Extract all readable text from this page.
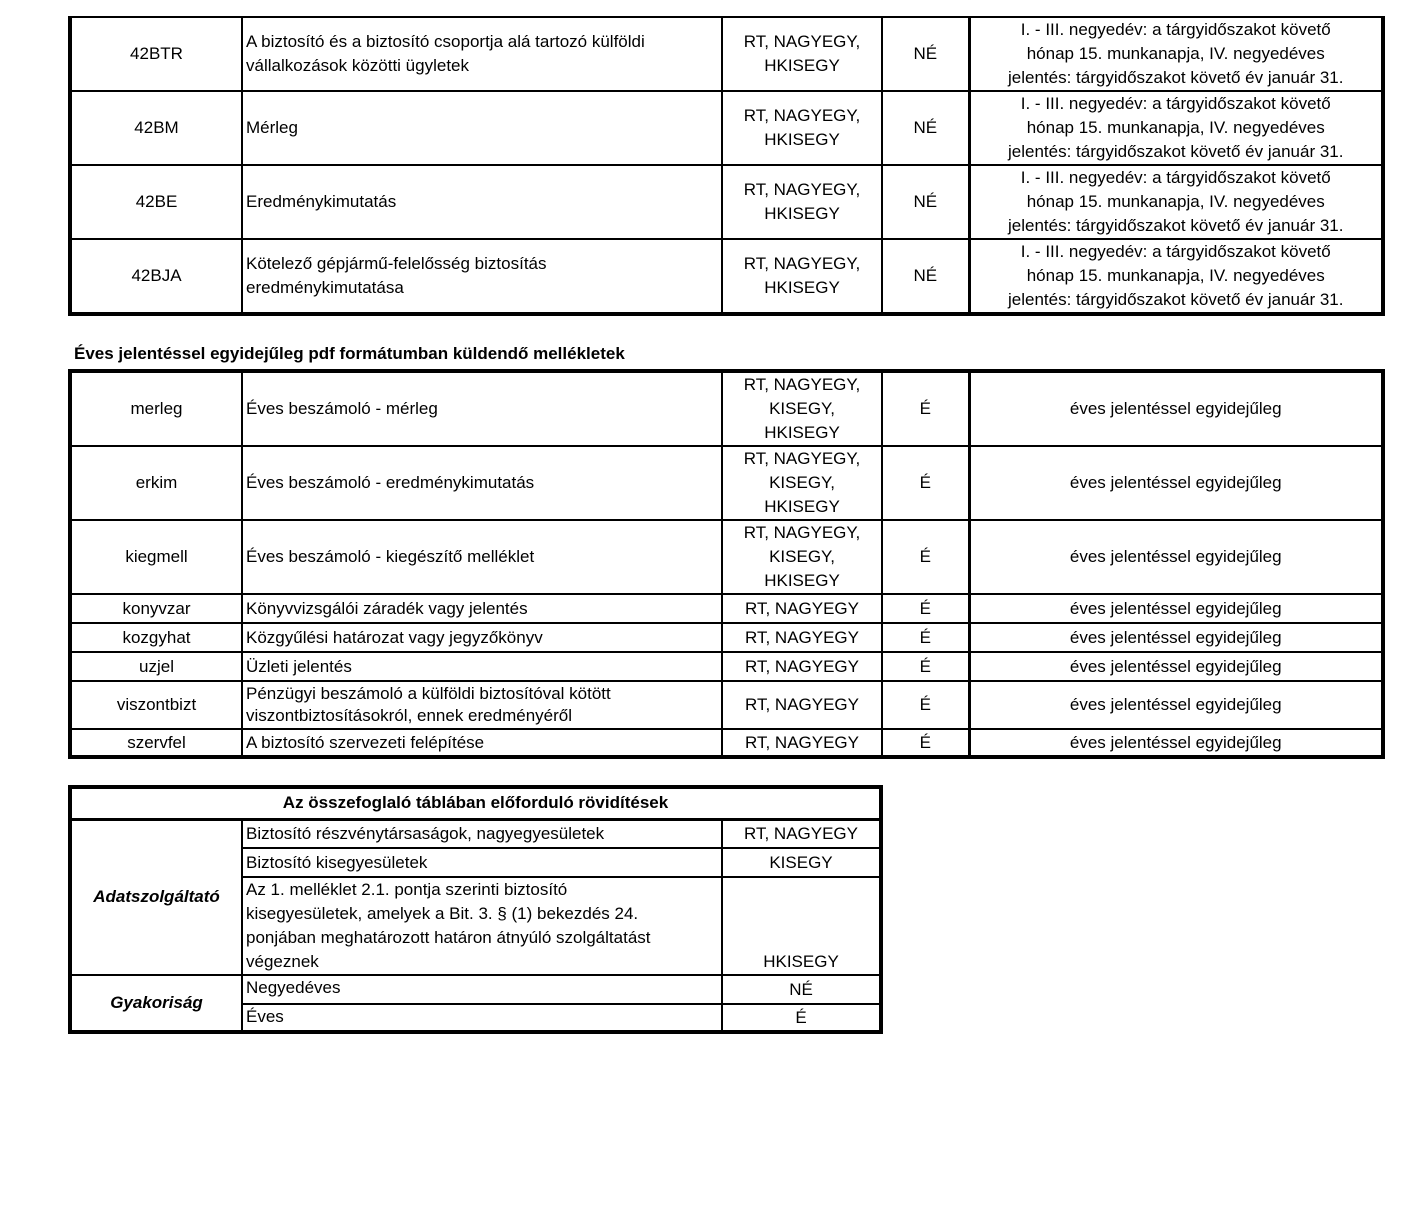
42BTR	A biztosító és a biztosító csoportja alá tartozó külföldi
vállalkozások közötti ügyletek	RT, NAGYEGY,
HKISEGY	NÉ	I. - III. negyedév: a tárgyidőszakot követő
hónap 15. munkanapja, IV. negyedéves
jelentés: tárgyidőszakot követő év január 31.
42BM	Mérleg	RT, NAGYEGY,
HKISEGY	NÉ	I. - III. negyedév: a tárgyidőszakot követő
hónap 15. munkanapja, IV. negyedéves
jelentés: tárgyidőszakot követő év január 31.
42BE	Eredménykimutatás	RT, NAGYEGY,
HKISEGY	NÉ	I. - III. negyedév: a tárgyidőszakot követő
hónap 15. munkanapja, IV. negyedéves
jelentés: tárgyidőszakot követő év január 31.
42BJA	Kötelező gépjármű-felelősség biztosítás
eredménykimutatása	RT, NAGYEGY,
HKISEGY	NÉ	I. - III. negyedév: a tárgyidőszakot követő
hónap 15. munkanapja, IV. negyedéves
jelentés: tárgyidőszakot követő év január 31.
Éves jelentéssel egyidejűleg pdf formátumban küldendő mellékletek
merleg	Éves beszámoló - mérleg	RT, NAGYEGY,
KISEGY,
HKISEGY	É	éves jelentéssel egyidejűleg
erkim	Éves beszámoló - eredménykimutatás	RT, NAGYEGY,
KISEGY,
HKISEGY	É	éves jelentéssel egyidejűleg
kiegmell	Éves beszámoló - kiegészítő melléklet	RT, NAGYEGY,
KISEGY,
HKISEGY	É	éves jelentéssel egyidejűleg
konyvzar	Könyvvizsgálói záradék vagy jelentés	RT, NAGYEGY	É	éves jelentéssel egyidejűleg
kozgyhat	Közgyűlési határozat vagy jegyzőkönyv	RT, NAGYEGY	É	éves jelentéssel egyidejűleg
uzjel	Üzleti jelentés	RT, NAGYEGY	É	éves jelentéssel egyidejűleg
viszontbizt	Pénzügyi beszámoló a külföldi biztosítóval kötött
viszontbiztosításokról, ennek eredményéről	RT, NAGYEGY	É	éves jelentéssel egyidejűleg
szervfel	A biztosító szervezeti felépítése	RT, NAGYEGY	É	éves jelentéssel egyidejűleg
Az összefoglaló táblában előforduló rövidítések		
Adatszolgáltató	Biztosító részvénytársaságok, nagyegyesületek	RT, NAGYEGY
	Biztosító kisegyesületek	KISEGY
	Az 1. melléklet 2.1. pontja szerinti biztosító
kisegyesületek, amelyek a Bit. 3. § (1) bekezdés 24.
ponjában meghatározott határon átnyúló szolgáltatást
végeznek	HKISEGY
Gyakoriság	Negyedéves	NÉ
	Éves	É
